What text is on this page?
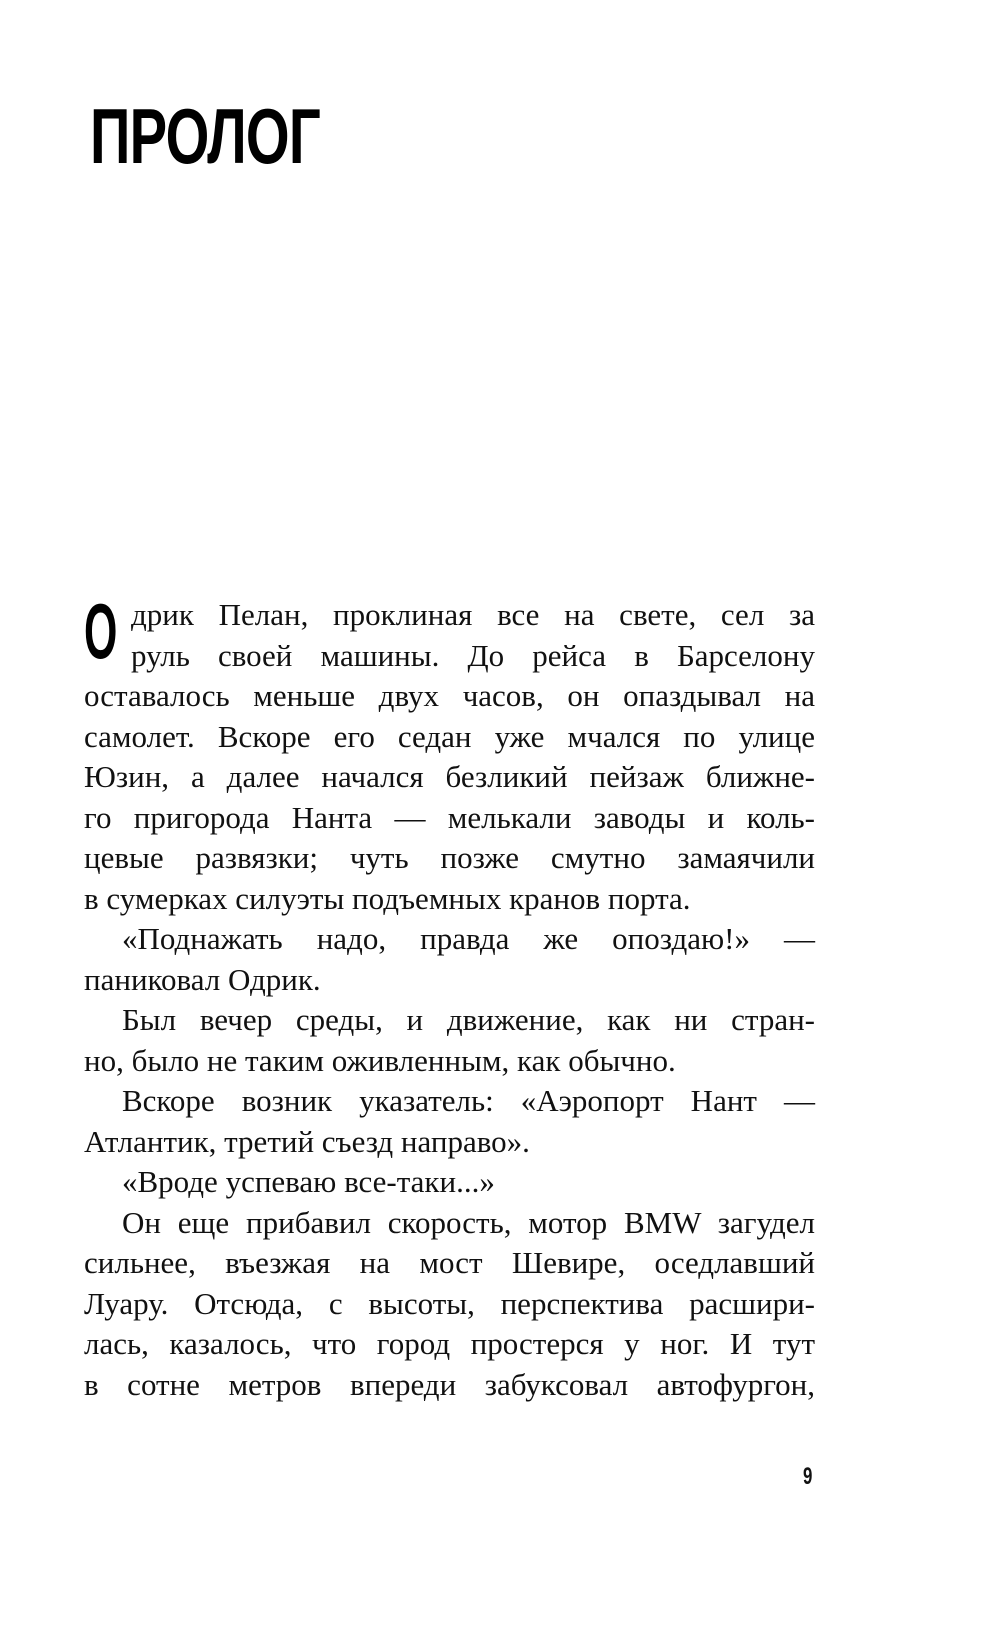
ПРОЛОГ
О дрик Пелан, проклиная все на свете, сел за
руль своей машины. До рейса в Барселону
оставалось меньше двух часов, он опаздывал на
самолет. Вскоре его седан уже мчался по улице
Юзин, а далее начался безликий пейзаж ближне-
го пригорода Нанта — мелькали заводы и коль-
цевые развязки; чуть позже смутно замаячили
в сумерках силуэты подъемных кранов порта.
«Поднажать надо, правда же опоздаю!» —
паниковал Одрик.
Был вечер среды, и движение, как ни стран-
но, было не таким оживленным, как обычно.
Вскоре возник указатель: «Аэропорт Нант —
Атлантик, третий съезд направо».
«Вроде успеваю все-таки...»
Он еще прибавил скорость, мотор BMW загудел
сильнее, въезжая на мост Шевире, оседлавший
Луару. Отсюда, с высоты, перспектива расшири-
лась, казалось, что город простерся у ног. И тут
в сотне метров впереди забуксовал автофургон,
9
